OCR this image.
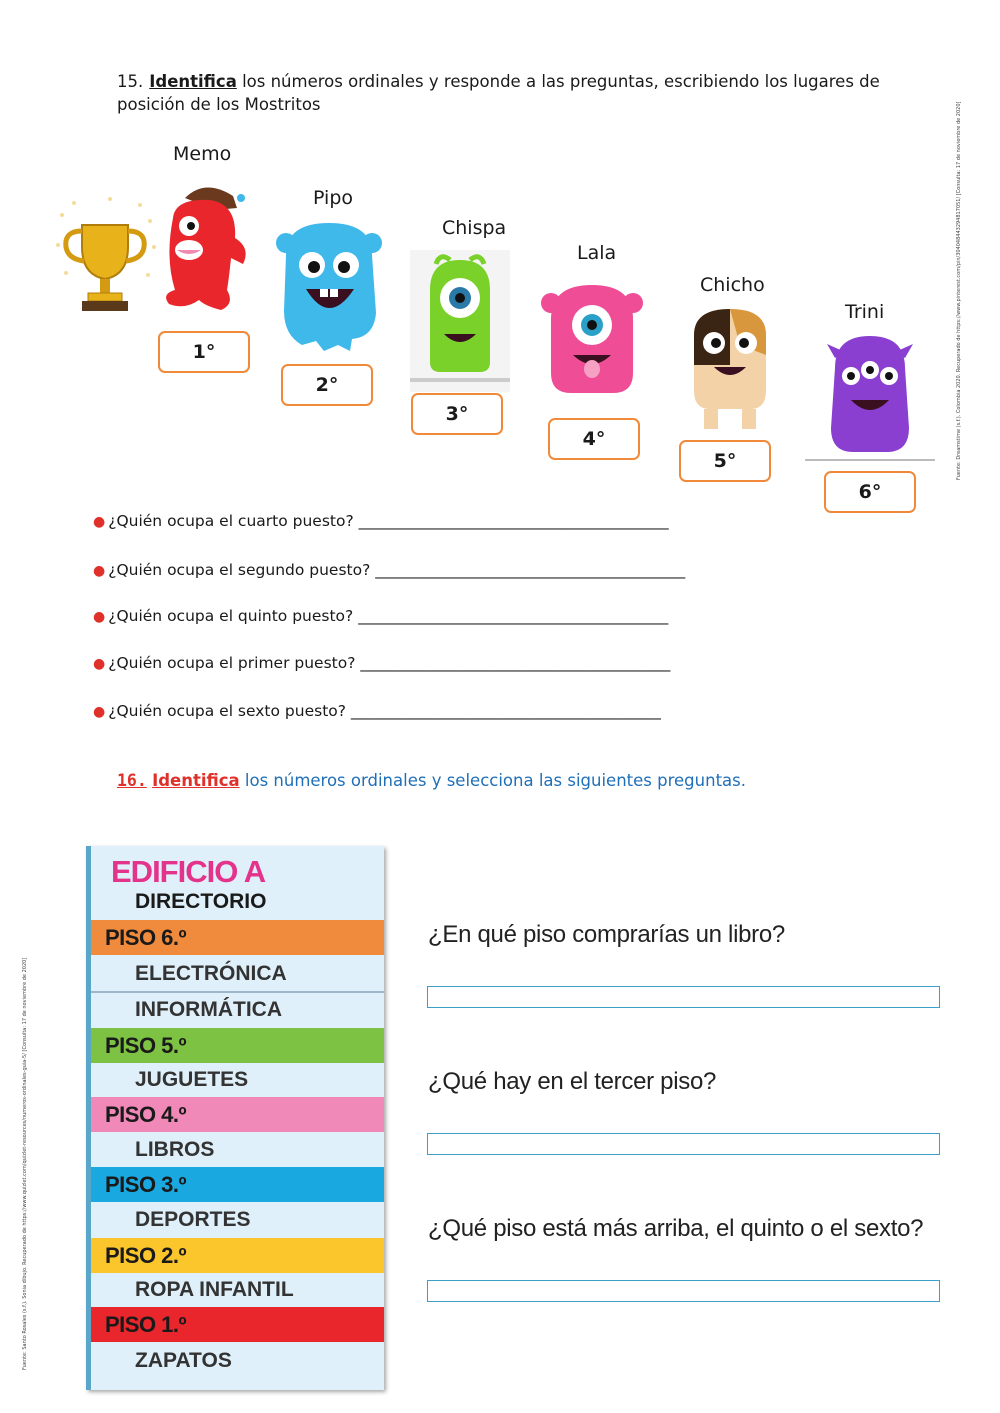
15. Identifica los números ordinales y responde a las preguntas, escribiendo los lugares de posición de los Mostritos
Memo
1°
Pipo
2°
Chispa
3°
Lala
4°
Chicho
5°
Trini
6°
Fuente: Dreamstime (s.f.). Colombia 2020. Recuperado de https://www.pinterest.com/pin/304048443294817051/ [Consulta: 17 de noviembre de 2020]
Fuente: Santo Rosales (s.f.). Sonia dibujo. Recuperado de https://www.quizlet.com/quizlet-resources/numeros-ordinales-guia-5/ [Consulta: 17 de noviembre de 2020]
● ¿Quién ocupa el cuarto puesto? ________________________________________
● ¿Quién ocupa el segundo puesto? ________________________________________
● ¿Quién ocupa el quinto puesto? ________________________________________
● ¿Quién ocupa el primer puesto? ________________________________________
● ¿Quién ocupa el sexto puesto? ________________________________________
16. Identifica los números ordinales y selecciona las siguientes preguntas.
EDIFICIO A
DIRECTORIO
PISO 6.º
ELECTRÓNICA
INFORMÁTICA
PISO 5.º
JUGUETES
PISO 4.º
LIBROS
PISO 3.º
DEPORTES
PISO 2.º
ROPA INFANTIL
PISO 1.º
ZAPATOS
¿En qué piso comprarías un libro?
¿Qué hay en el tercer piso?
¿Qué piso está más arriba, el quinto o el sexto?
